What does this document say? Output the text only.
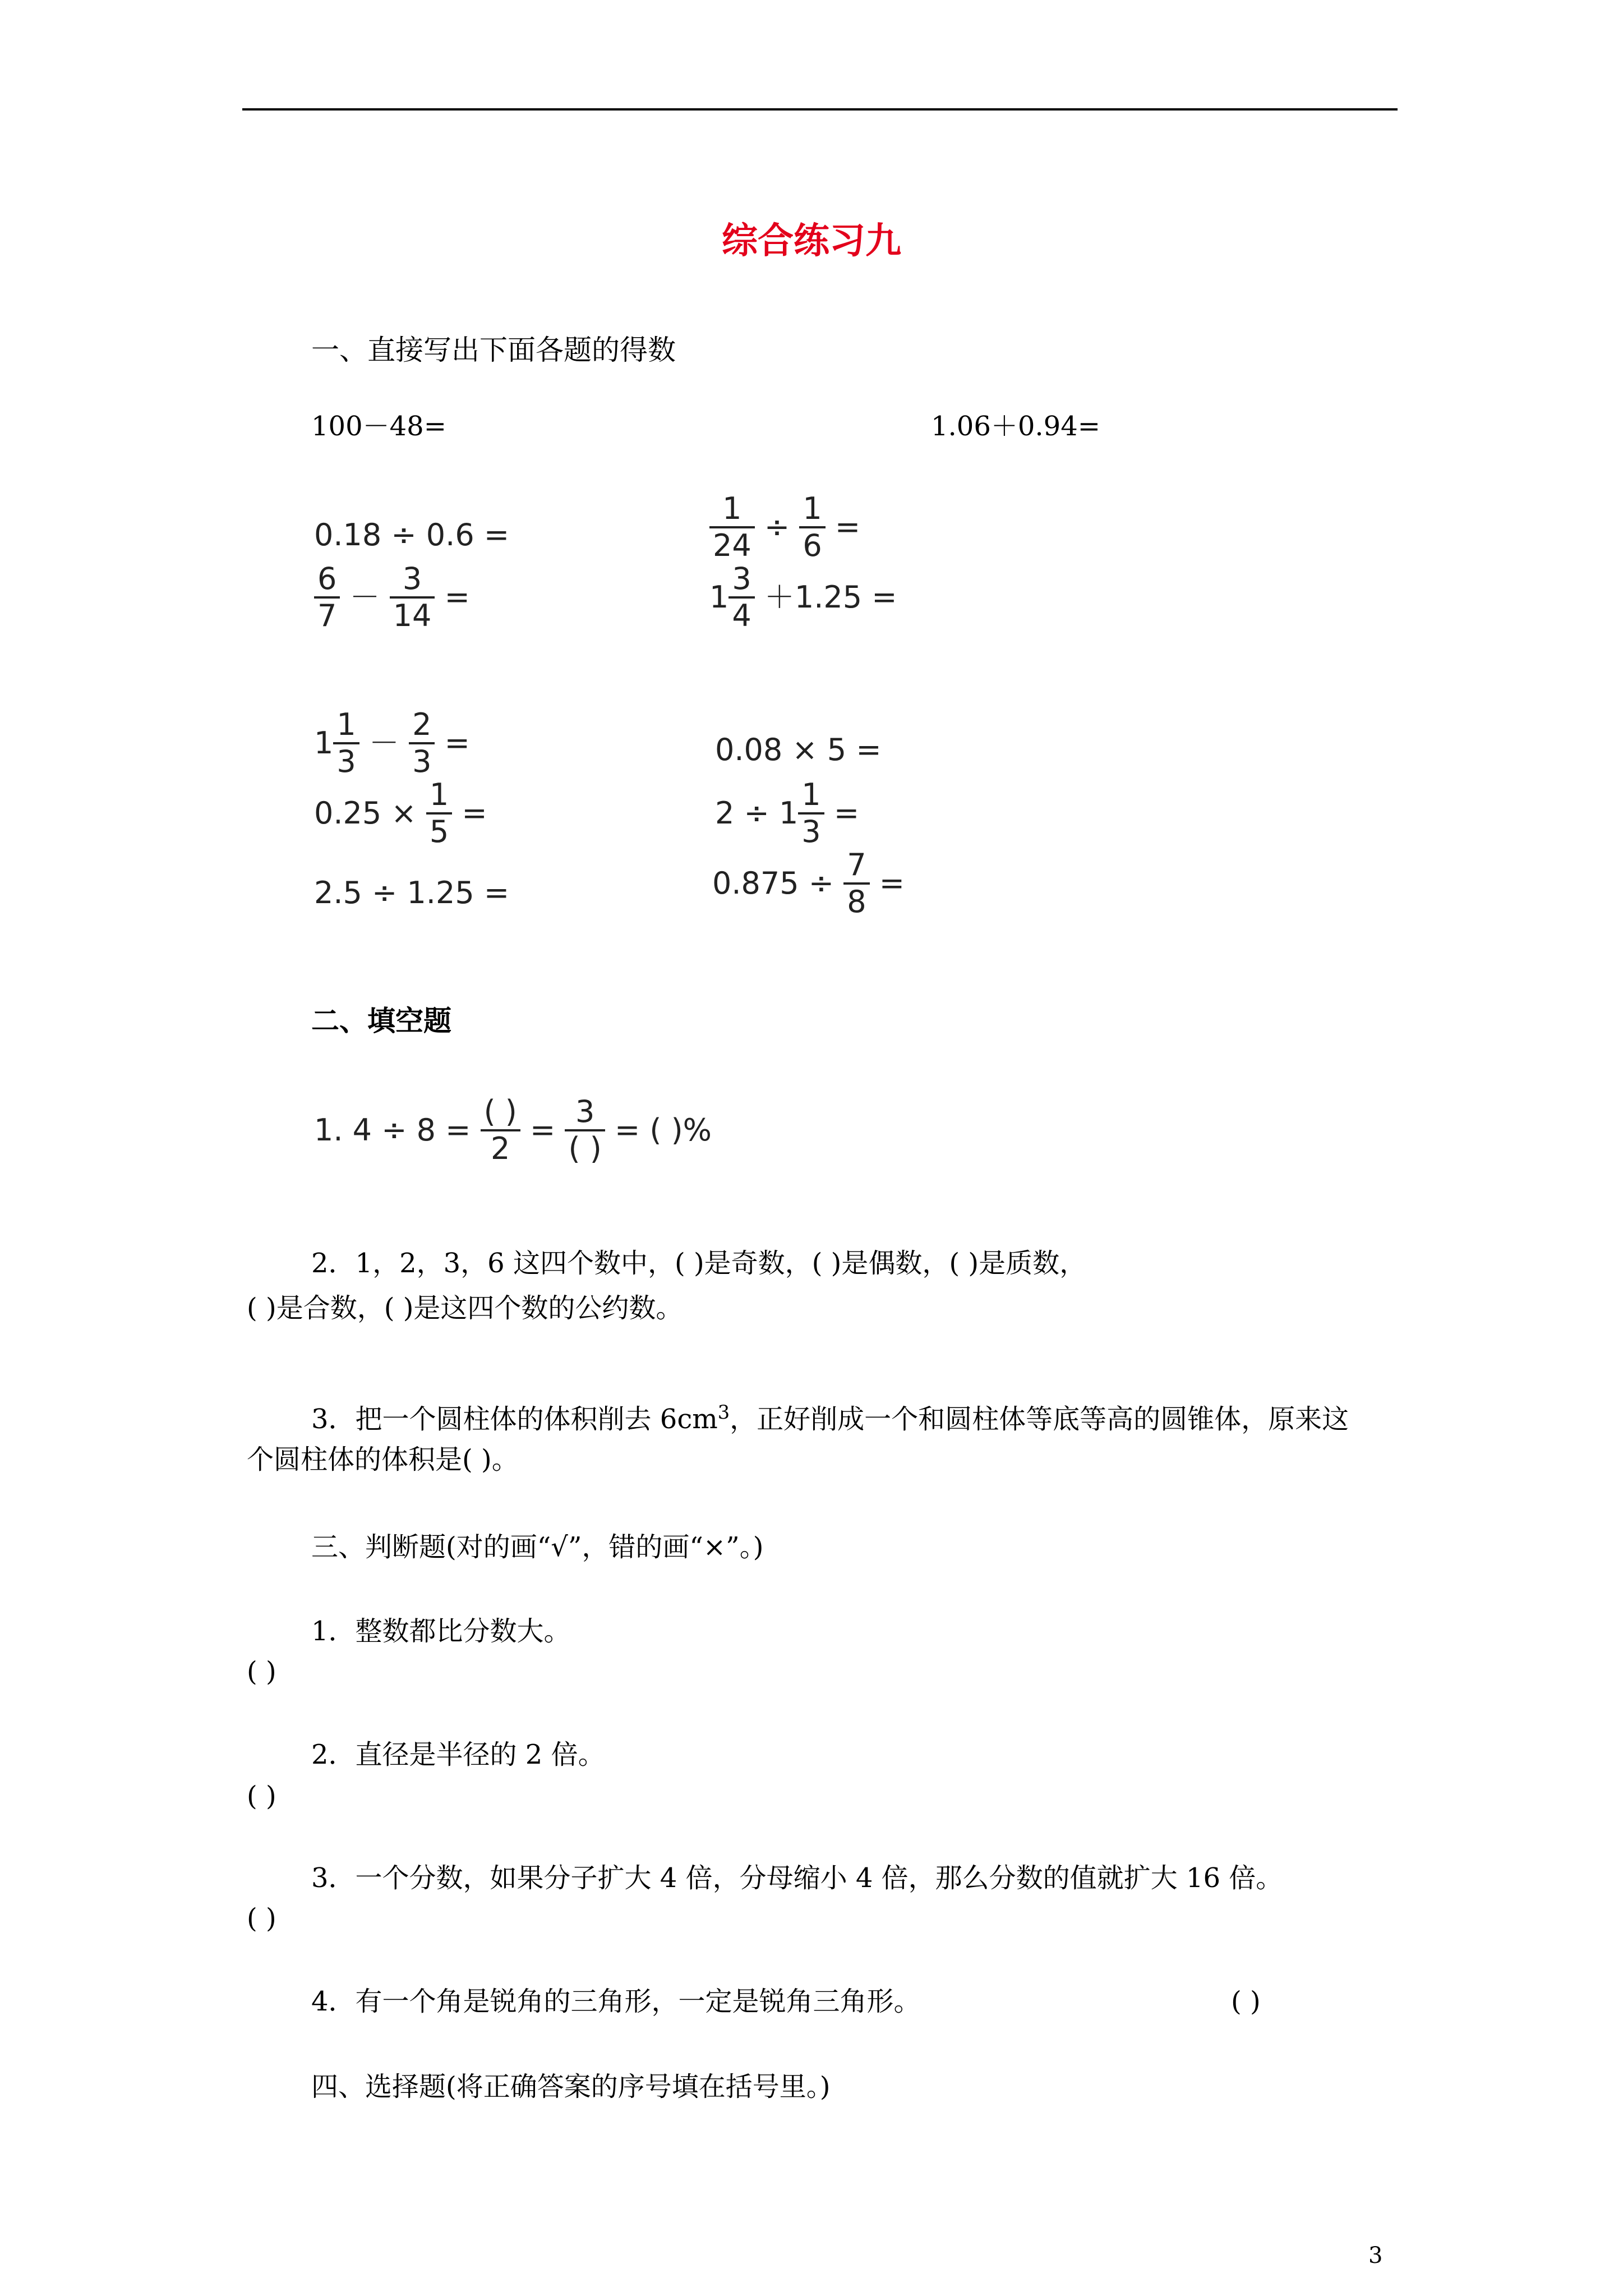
综合练习九
一、直接写出下面各题的得数
100－48=	1.06＋0.94=
0.18 ÷ 0.6 =	$\frac{1}{24} \div \frac{1}{6}$ =
$\frac{6}{7} - \frac{3}{14}$ =	$1 \frac{3}{4} +1.25$ =
$1 \frac{1}{3} - \frac{2}{3}$ =	0.08 × 5 =
$0.25 \times \frac{1}{5}$ =	$2 \div 1 \frac{1}{3}$ =
2.5 ÷ 1.25 =	$0.875 \div \frac{7}{8}$ =
二、填空题
1. $4 \div 8 = \frac{( )}{2} = \frac{3}{( )}$ = ( )%
2．1，2，3，6 这四个数中，( )是奇数，( )是偶数，( )是质数，
( )是合数，( )是这四个数的公约数。
3．把一个圆柱体的体积削去 $6cm^3$，正好削成一个和圆柱体等底等高的圆锥体，原来这
个圆柱体的体积是( )。
三、判断题(对的画“√”，错的画“×”。)
1．整数都比分数大。
( )
2．直径是半径的 2 倍。
( )
3．一个分数，如果分子扩大 4 倍，分母缩小 4 倍，那么分数的值就扩大 16 倍。
( )
4．有一个角是锐角的三角形，一定是锐角三角形。	( )
四、选择题(将正确答案的序号填在括号里。)
3
